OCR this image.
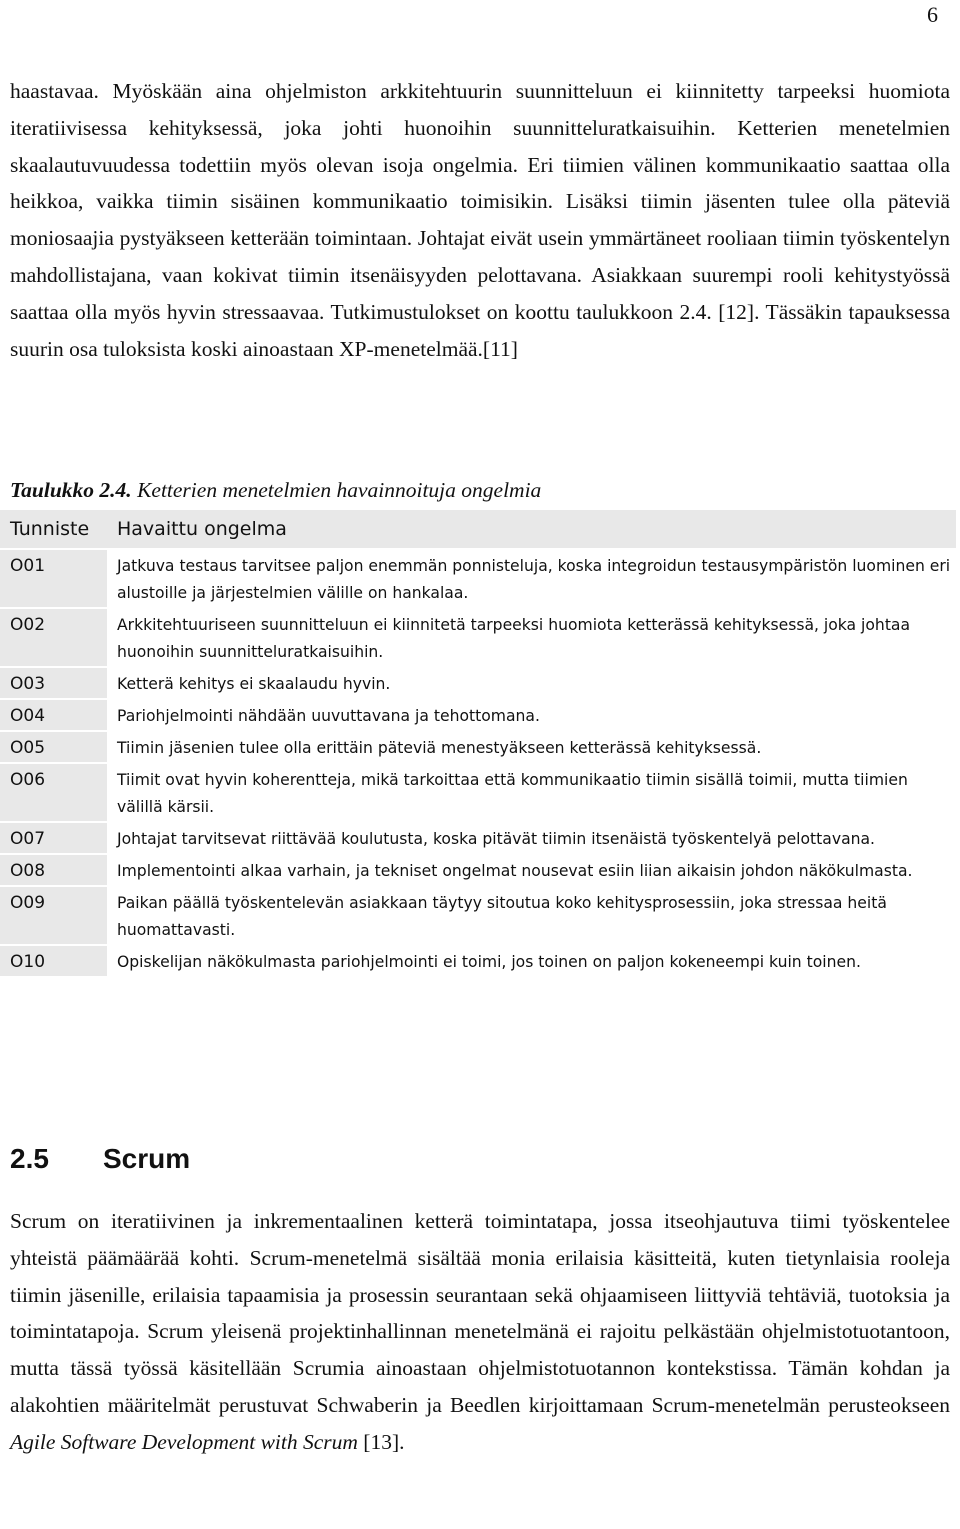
6

haastavaa. Myöskään aina ohjelmiston arkkitehtuurin suunnitteluun ei kiinnitetty tarpeeksi huomiota iteratiivisessa kehityksessä, joka johti huonoihin suunnitteluratkaisuihin. Ketterien menetelmien skaalautuvuudessa todettiin myös olevan isoja ongelmia. Eri tiimien välinen kommunikaatio saattaa olla heikkoa, vaikka tiimin sisäinen kommunikaatio toimisikin. Lisäksi tiimin jäsenten tulee olla päteviä moniosaajia pystyäkseen ketterään toimintaan. Johtajat eivät usein ymmärtäneet rooliaan tiimin työskentelyn mahdollistajana, vaan kokivat tiimin itsenäisyyden pelottavana. Asiakkaan suurempi rooli kehitystyössä saattaa olla myös hyvin stressaavaa. Tutkimustulokset on koottu taulukkoon 2.4. [12]. Tässäkin tapauksessa suurin osa tuloksista koski ainoastaan XP-menetelmää.[11]

Taulukko 2.4. Ketterien menetelmien havainnoituja ongelmia

Tunniste	Havaittu ongelma
O01	Jatkuva testaus tarvitsee paljon enemmän ponnisteluja, koska integroidun testausympäristön luominen eri alustoille ja järjestelmien välille on hankalaa.
O02	Arkkitehtuuriseen suunnitteluun ei kiinnitetä tarpeeksi huomiota ketterässä kehityksessä, joka johtaa huonoihin suunnitteluratkaisuihin.
O03	Ketterä kehitys ei skaalaudu hyvin.
O04	Pariohjelmointi nähdään uuvuttavana ja tehottomana.
O05	Tiimin jäsenien tulee olla erittäin päteviä menestyäkseen ketterässä kehityksessä.
O06	Tiimit ovat hyvin koherentteja, mikä tarkoittaa että kommunikaatio tiimin sisällä toimii, mutta tiimien välillä kärsii.
O07	Johtajat tarvitsevat riittävää koulutusta, koska pitävät tiimin itsenäistä työskentelyä pelottavana.
O08	Implementointi alkaa varhain, ja tekniset ongelmat nousevat esiin liian aikaisin johdon näkökulmasta.
O09	Paikan päällä työskentelevän asiakkaan täytyy sitoutua koko kehitysprosessiin, joka stressaa heitä huomattavasti.
O10	Opiskelijan näkökulmasta pariohjelmointi ei toimi, jos toinen on paljon kokeneempi kuin toinen.
2.5 Scrum

Scrum on iteratiivinen ja inkrementaalinen ketterä toimintatapa, jossa itseohjautuva tiimi työskentelee yhteistä päämäärää kohti. Scrum-menetelmä sisältää monia erilaisia käsitteitä, kuten tietynlaisia rooleja tiimin jäsenille, erilaisia tapaamisia ja prosessin seurantaan sekä ohjaamiseen liittyviä tehtäviä, tuotoksia ja toimintatapoja. Scrum yleisenä projektinhallinnan menetelmänä ei rajoitu pelkästään ohjelmistotuotantoon, mutta tässä työssä käsitellään Scrumia ainoastaan ohjelmistotuotannon kontekstissa. Tämän kohdan ja alakohtien määritelmät perustuvat Schwaberin ja Beedlen kirjoittamaan Scrum-menetelmän perusteokseen Agile Software Development with Scrum [13].
